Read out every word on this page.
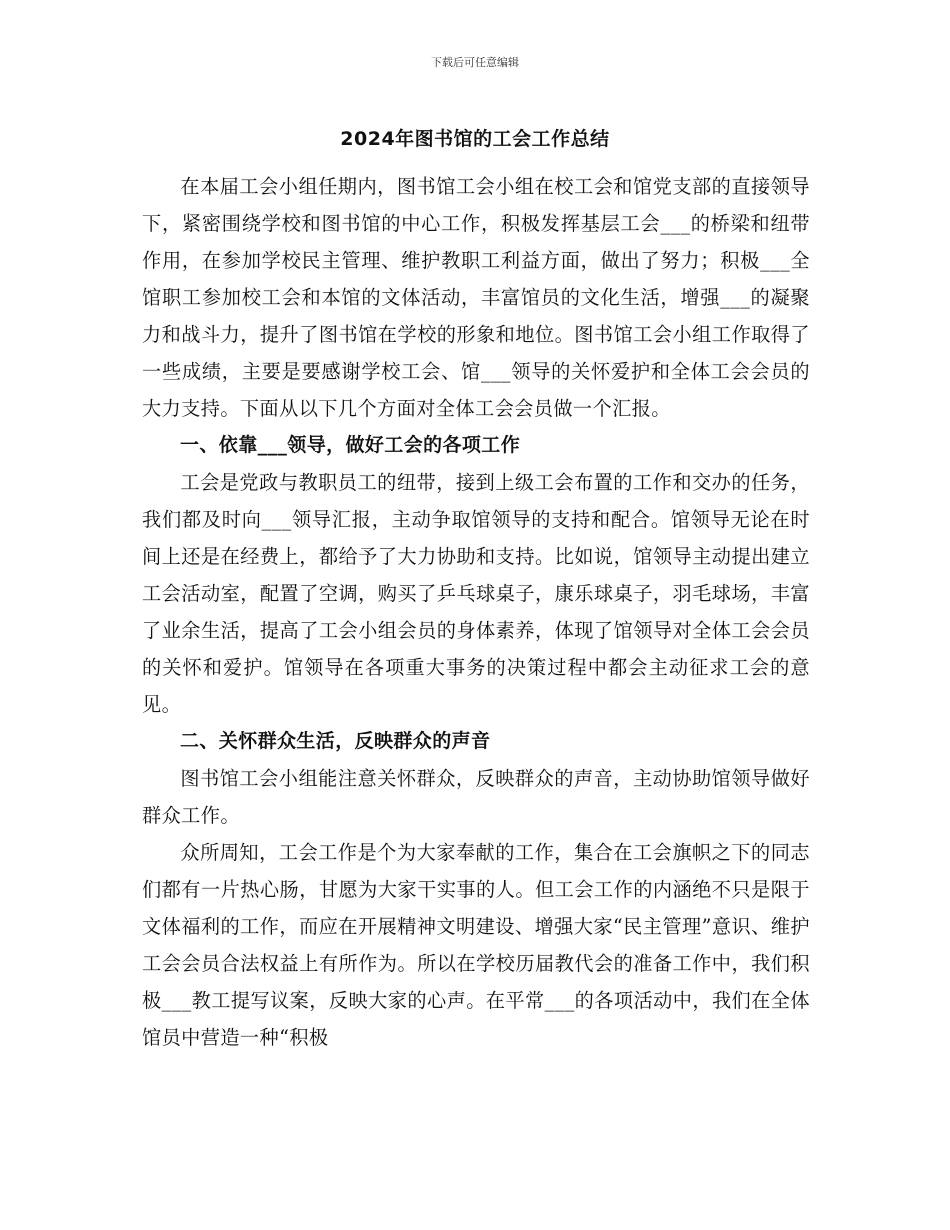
下载后可任意编辑
2024年图书馆的工会工作总结

在本届工会小组任期内，图书馆工会小组在校工会和馆党支部的直接领导下，紧密围绕学校和图书馆的中心工作，积极发挥基层工会___的桥梁和纽带作用，在参加学校民主管理、维护教职工利益方面，做出了努力；积极___全馆职工参加校工会和本馆的文体活动，丰富馆员的文化生活，增强___的凝聚力和战斗力，提升了图书馆在学校的形象和地位。图书馆工会小组工作取得了一些成绩，主要是要感谢学校工会、馆___领导的关怀爱护和全体工会会员的大力支持。下面从以下几个方面对全体工会会员做一个汇报。

一、依靠___领导，做好工会的各项工作

工会是党政与教职员工的纽带，接到上级工会布置的工作和交办的任务，我们都及时向___领导汇报，主动争取馆领导的支持和配合。馆领导无论在时间上还是在经费上，都给予了大力协助和支持。比如说，馆领导主动提出建立工会活动室，配置了空调，购买了乒乓球桌子，康乐球桌子，羽毛球场，丰富了业余生活，提高了工会小组会员的身体素养，体现了馆领导对全体工会会员的关怀和爱护。馆领导在各项重大事务的决策过程中都会主动征求工会的意见。

二、关怀群众生活，反映群众的声音

图书馆工会小组能注意关怀群众，反映群众的声音，主动协助馆领导做好群众工作。

众所周知，工会工作是个为大家奉献的工作，集合在工会旗帜之下的同志们都有一片热心肠，甘愿为大家干实事的人。但工会工作的内涵绝不只是限于文体福利的工作，而应在开展精神文明建设、增强大家“民主管理”意识、维护工会会员合法权益上有所作为。所以在学校历届教代会的准备工作中，我们积极___教工提写议案，反映大家的心声。在平常___的各项活动中，我们在全体馆员中营造一种“积极
